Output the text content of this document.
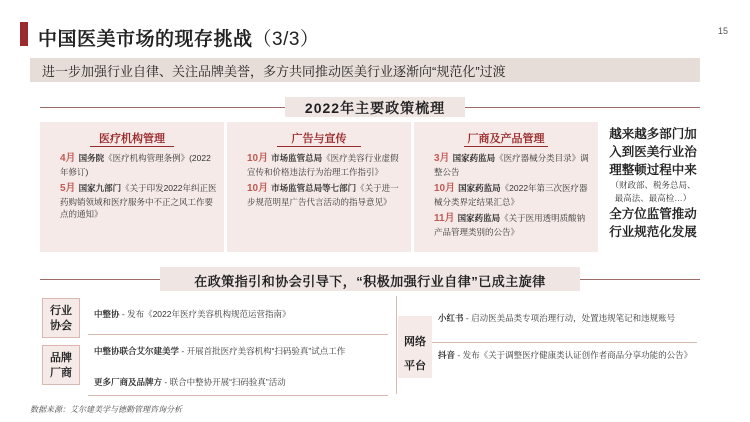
中国医美市场的现存挑战（3/3）	15
进一步加强行业自律、关注品牌美誉，多方共同推动医美行业逐渐向“规范化”过渡
2022年主要政策梳理
医疗机构管理
4月 国务院《医疗机构管理条例》(2022年修订)
5月 国家九部门《关于印发2022年纠正医药购销领域和医疗服务中不正之风工作要点的通知》
广告与宣传
10月 市场监管总局《医疗美容行业虚假宣传和价格违法行为治理工作指引》
10月 市场监管总局等七部门《关于进一步规范明星广告代言活动的指导意见》
厂商及产品管理
3月 国家药监局《医疗器械分类目录》调整公告
10月 国家药监局《2022年第三次医疗器械分类界定结果汇总》
11月 国家药监局《关于医用透明质酸钠产品管理类别的公告》
越来越多部门加
入到医美行业治
理整顿过程中来
（财政部、税务总局、
最高法、最高检…）
全方位监管推动
行业规范化发展
在政策指引和协会引导下，“积极加强行业自律”已成主旋律
行业
协会
品牌
厂商
网络
平台
中整协 - 发布《2022年医疗美容机构规范运营指南》
中整协联合艾尔建美学 - 开展首批医疗美容机构“扫码验真”试点工作
更多厂商及品牌方 - 联合中整协开展“扫码验真”活动
小红书 - 启动医美品类专项治理行动，处置违规笔记和违规账号
抖音 - 发布《关于调整医疗健康类认证创作者商品分享功能的公告》
数据来源：艾尔建美学与德勤管理咨询分析
